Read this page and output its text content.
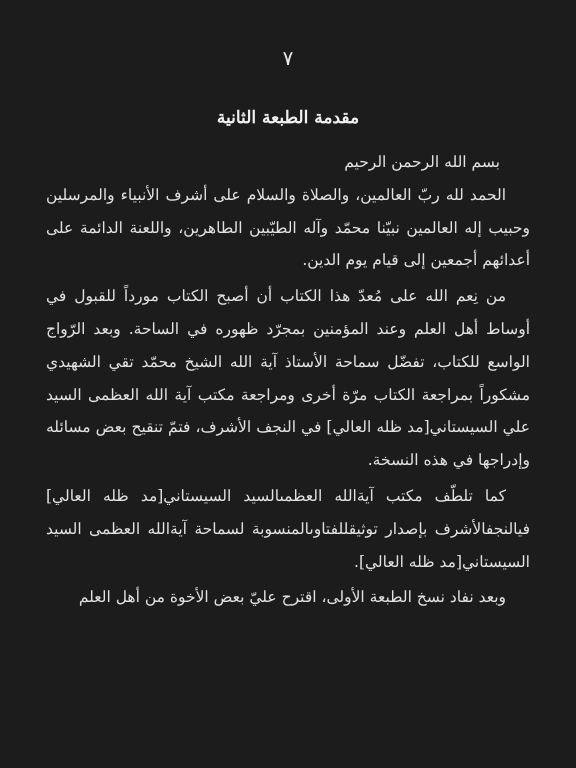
٧
مقدمة الطبعة الثانية

بسم الله الرحمن الرحيم

الحمد لله ربّ العالمين، والصلاة والسلام على أشرف الأنبياء والمرسلين وحبيب إله العالمين نبيّنا محمّد وآله الطيّبين الطاهرين، واللعنة الدائمة على أعدائهم أجمعين إلى قيام يوم الدين.

من نِعم الله على مُعدّ هذا الكتاب أن أصبح الكتاب مورداً للقبول في أوساط أهل العلم وعند المؤمنين بمجرّد ظهوره في الساحة. وبعد الرّواج الواسع للكتاب، تفضّل سماحة الأستاذ آية الله الشيخ محمّد تقي الشهيدي مشكوراً بمراجعة الكتاب مرّة أخرى ومراجعة مكتب آية الله العظمى السيد علي السيستاني[مد ظله العالي] في النجف الأشرف، فتمّ تنقيح بعض مسائله وإدراجها في هذه النسخة.

كما تلطّف مكتب آيةالله العظمىالسيد السيستاني[مد ظله العالي] فيالنجفالأشرف بإصدار توثيقللفتاوىالمنسوبة لسماحة آيةالله العظمى السيد السيستاني[مد ظله العالي].

وبعد نفاد نسخ الطبعة الأولى، اقترح عليّ بعض الأخوة من أهل العلم
